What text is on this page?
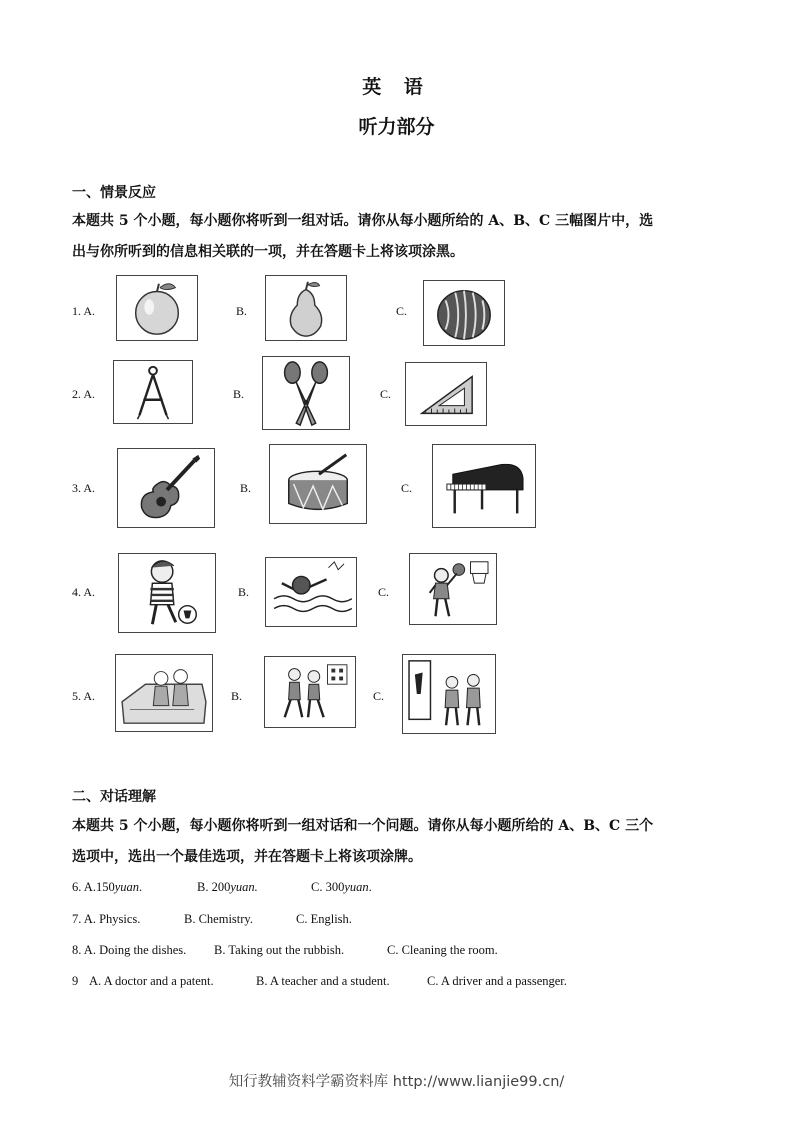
英 语
听力部分
一、情景反应
本题共 5 个小题，每小题你将听到一组对话。请你从每小题所给的 A、B、C 三幅图片中，选
出与你所听到的信息相关联的一项，并在答题卡上将该项涂黑。
1. A.	B.	C.
2. A.	B.	C.
3. A.	B.	C.
4. A.	B.	C.
5. A.	B.	C.
二、对话理解
本题共 5 个小题，每小题你将听到一组对话和一个问题。请你从每小题所给的 A、B、C 三个
选项中，选出一个最佳选项，并在答题卡上将该项涂牌。
6. A.150yuan.	B. 200yuan.	C. 300yuan.
7. A. Physics.	B. Chemistry.	C. English.
8. A. Doing the dishes. B. Taking out the rubbish.	C. Cleaning the room.
9 A. A doctor and a patent.	B. A teacher and a student.	C. A driver and a passenger.
知行教辅资料学霸资料库 http://www.lianjie99.cn/
